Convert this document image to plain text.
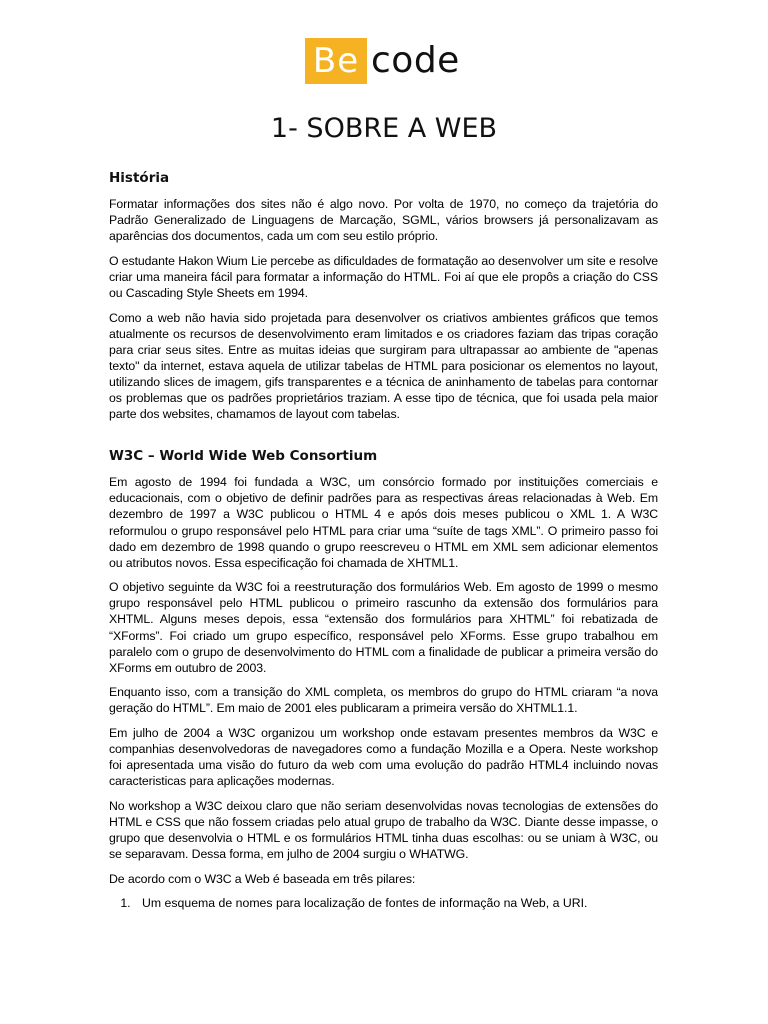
Be code
1- SOBRE A WEB
História

Formatar informações dos sites não é algo novo. Por volta de 1970, no começo da trajetória do Padrão Generalizado de Linguagens de Marcação, SGML, vários browsers já personalizavam as aparências dos documentos, cada um com seu estilo próprio.

O estudante Hakon Wium Lie percebe as dificuldades de formatação ao desenvolver um site e resolve criar uma maneira fácil para formatar a informação do HTML. Foi aí que ele propôs a criação do CSS ou Cascading Style Sheets em 1994.

Como a web não havia sido projetada para desenvolver os criativos ambientes gráficos que temos atualmente os recursos de desenvolvimento eram limitados e os criadores faziam das tripas coração para criar seus sites. Entre as muitas ideias que surgiram para ultrapassar ao ambiente de "apenas texto" da internet, estava aquela de utilizar tabelas de HTML para posicionar os elementos no layout, utilizando slices de imagem, gifs transparentes e a técnica de aninhamento de tabelas para contornar os problemas que os padrões proprietários traziam. A esse tipo de técnica, que foi usada pela maior parte dos websites, chamamos de layout com tabelas.

W3C – World Wide Web Consortium

Em agosto de 1994 foi fundada a W3C, um consórcio formado por instituições comerciais e educacionais, com o objetivo de definir padrões para as respectivas áreas relacionadas à Web. Em dezembro de 1997 a W3C publicou o HTML 4 e após dois meses publicou o XML 1. A W3C reformulou o grupo responsável pelo HTML para criar uma “suíte de tags XML”. O primeiro passo foi dado em dezembro de 1998 quando o grupo reescreveu o HTML em XML sem adicionar elementos ou atributos novos. Essa especificação foi chamada de XHTML1.

O objetivo seguinte da W3C foi a reestruturação dos formulários Web. Em agosto de 1999 o mesmo grupo responsável pelo HTML publicou o primeiro rascunho da extensão dos formulários para XHTML. Alguns meses depois, essa “extensão dos formulários para XHTML” foi rebatizada de “XForms”. Foi criado um grupo específico, responsável pelo XForms. Esse grupo trabalhou em paralelo com o grupo de desenvolvimento do HTML com a finalidade de publicar a primeira versão do XForms em outubro de 2003.

Enquanto isso, com a transição do XML completa, os membros do grupo do HTML criaram “a nova geração do HTML”. Em maio de 2001 eles publicaram a primeira versão do XHTML1.1.

Em julho de 2004 a W3C organizou um workshop onde estavam presentes membros da W3C e companhias desenvolvedoras de navegadores como a fundação Mozilla e a Opera. Neste workshop foi apresentada uma visão do futuro da web com uma evolução do padrão HTML4 incluindo novas caracteristicas para aplicações modernas.

No workshop a W3C deixou claro que não seriam desenvolvidas novas tecnologias de extensões do HTML e CSS que não fossem criadas pelo atual grupo de trabalho da W3C. Diante desse impasse, o grupo que desenvolvia o HTML e os formulários HTML tinha duas escolhas: ou se uniam à W3C, ou se separavam. Dessa forma, em julho de 2004 surgiu o WHATWG.

De acordo com o W3C a Web é baseada em três pilares:

1. Um esquema de nomes para localização de fontes de informação na Web, a URI.
